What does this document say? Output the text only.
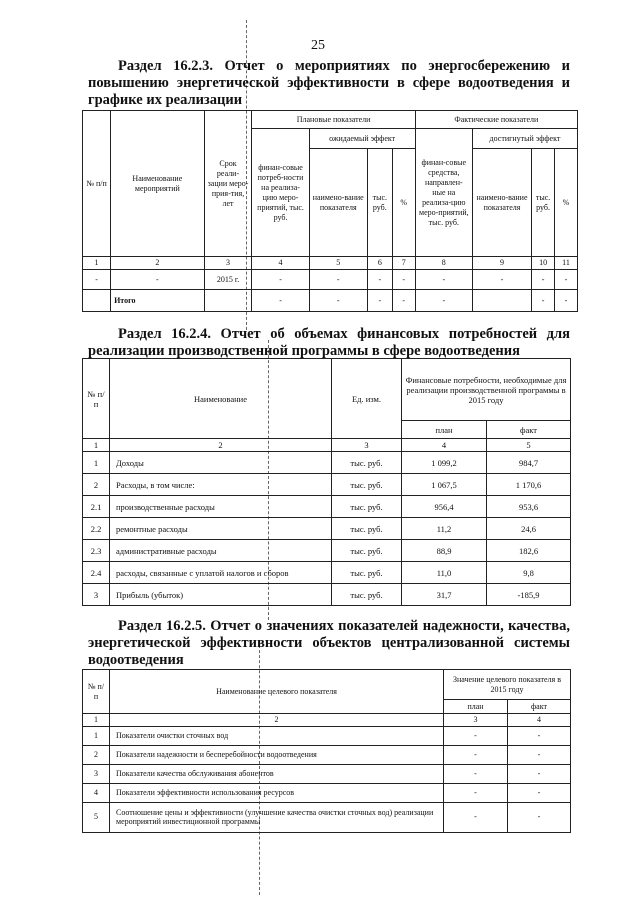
25
Раздел 16.2.3. Отчет о мероприятиях по энергосбережению и повышению энергетической эффективности в сфере водоотведения и графике их реализации
№ п/п	Наименование мероприятий	Срок реали-зации меро-прия-тия, лет	Плановые показатели				Фактические показатели			
			финан-совые потреб-ности на реализа-цию меро-приятий, тыс. руб.	ожидаемый эффект			финан-совые средства, направлен-ные на реализа-цию меро-приятий, тыс. руб.	достигнутый эффект		
				наимено-вание показателя	тыс. руб.	%		наимено-вание показателя	тыс. руб.	%
1	2	3	4	5	6	7	8	9	10	11
-	-	2015 г.	-	-	-	-	-	-	-	-
	Итого		-	-	-	-	-		-	-
Раздел 16.2.4. Отчет об объемах финансовых потребностей для реализации производственной программы в сфере водоотведения
№ п/п	Наименование	Ед. изм.	Финансовые потребности, необходимые для реализации производственной программы в 2015 году	
			план	факт
1	2	3	4	5
1	Доходы	тыс. руб.	1 099,2	984,7
2	Расходы, в том числе:	тыс. руб.	1 067,5	1 170,6
2.1	производственные расходы	тыс. руб.	956,4	953,6
2.2	ремонтные расходы	тыс. руб.	11,2	24,6
2.3	административные расходы	тыс. руб.	88,9	182,6
2.4	расходы, связанные с уплатой налогов и сборов	тыс. руб.	11,0	9,8
3	Прибыль (убыток)	тыс. руб.	31,7	-185,9
Раздел 16.2.5. Отчет о значениях показателей надежности, качества, энергетической эффективности объектов централизованной системы водоотведения
№ п/п	Наименование целевого показателя	Значение целевого показателя в 2015 году	
		план	факт
1	2	3	4
1	Показатели очистки сточных вод	-	-
2	Показатели надежности и бесперебойности водоотведения	-	-
3	Показатели качества обслуживания абонентов	-	-
4	Показатели эффективности использования ресурсов	-	-
5	Соотношение цены и эффективности (улучшение качества очистки сточных вод) реализации мероприятий инвестиционной программы	-	-
